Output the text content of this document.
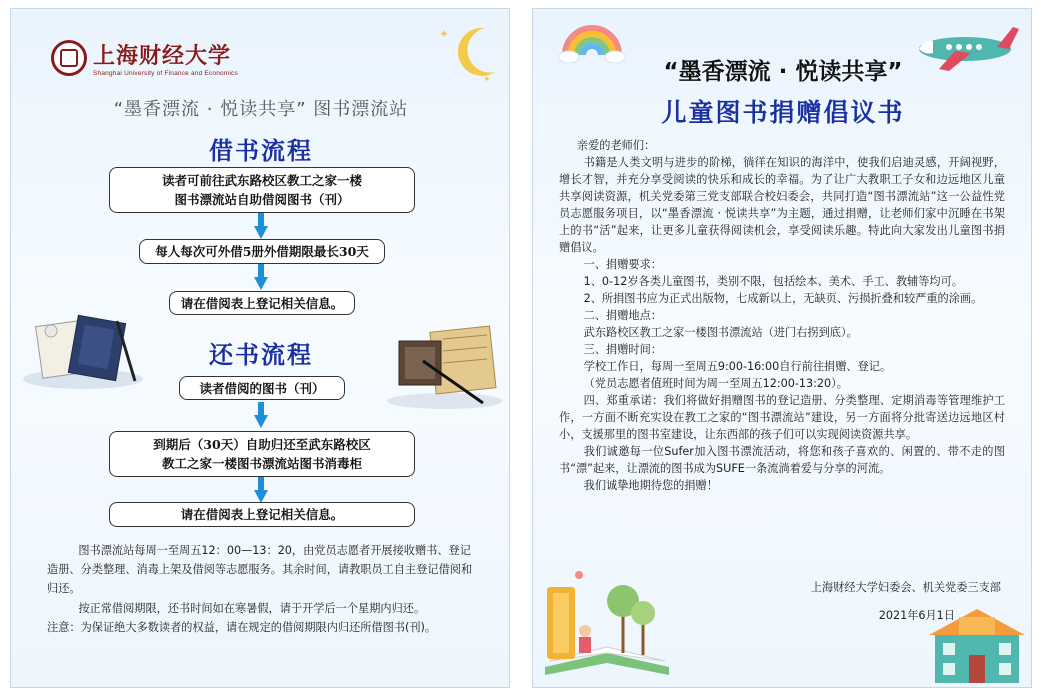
上海财经大学
Shanghai University of Finance and Economics
✦
✦
“墨香漂流 · 悦读共享” 图书漂流站
借书流程
读者可前往武东路校区教工之家一楼
图书漂流站自助借阅图书（刊）
每人每次可外借5册外借期限最长30天
请在借阅表上登记相关信息。
还书流程
读者借阅的图书（刊）
到期后（30天）自助归还至武东路校区
教工之家一楼图书漂流站图书消毒柜
请在借阅表上登记相关信息。

图书漂流站每周一至周五12：00—13：20，由党员志愿者开展接收赠书、登记造册、分类整理、消毒上架及借阅等志愿服务。其余时间，请教职员工自主登记借阅和归还。

按正常借阅期限，还书时间如在寒暑假，请于开学后一个星期内归还。

注意：为保证绝大多数读者的权益，请在规定的借阅期限内归还所借图书(刊)。

“墨香漂流 · 悦读共享”
儿童图书捐赠倡议书

亲爱的老师们：

书籍是人类文明与进步的阶梯，徜徉在知识的海洋中，使我们启迪灵感，开阔视野，增长才智，并充分享受阅读的快乐和成长的幸福。为了让广大教职工子女和边远地区儿童共享阅读资源，机关党委第三党支部联合校妇委会，共同打造“图书漂流站”这一公益性党员志愿服务项目，以“墨香漂流 · 悦读共享”为主题，通过捐赠，让老师们家中沉睡在书架上的书“活”起来，让更多儿童获得阅读机会，享受阅读乐趣。特此向大家发出儿童图书捐赠倡议。

一、捐赠要求：

1、0-12岁各类儿童图书，类别不限，包括绘本、美术、手工、教辅等均可。

2、所捐图书应为正式出版物，七成新以上，无缺页、污损折叠和较严重的涂画。

二、捐赠地点：

武东路校区教工之家一楼图书漂流站（进门右拐到底）。

三、捐赠时间：

学校工作日，每周一至周五9:00-16:00自行前往捐赠、登记。

（党员志愿者值班时间为周一至周五12:00-13:20）。

四、郑重承诺：我们将做好捐赠图书的登记造册、分类整理、定期消毒等管理维护工作，一方面不断充实设在教工之家的“图书漂流站”建设，另一方面将分批寄送边远地区村小，支援那里的图书室建设，让东西部的孩子们可以实现阅读资源共享。

我们诚邀每一位Sufer加入图书漂流活动，将您和孩子喜欢的、闲置的、带不走的图书“漂”起来，让漂流的图书成为SUFE一条流淌着爱与分享的河流。

我们诚挚地期待您的捐赠！

上海财经大学妇委会、机关党委三支部
2021年6月1日
